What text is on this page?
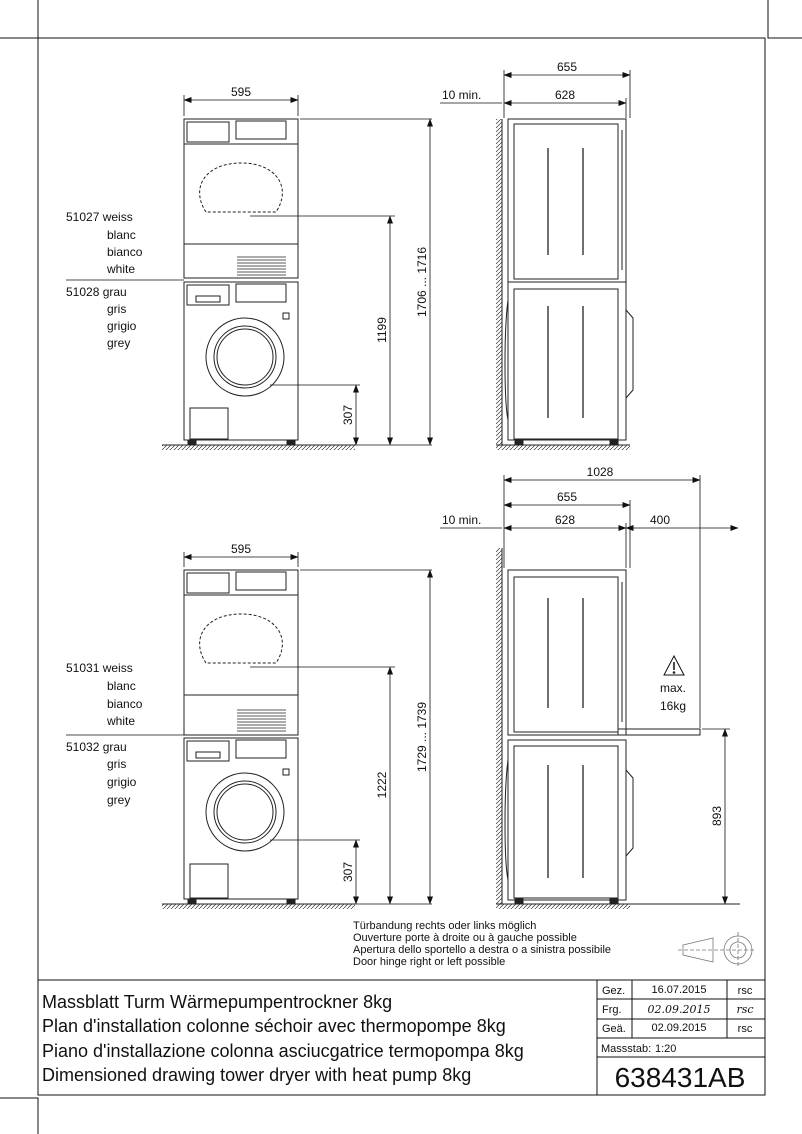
595
1706 ... 1716
1199
307
51027 weiss
blanc
bianco
white
51028 grau
gris
grigio
grey
655
628
10 min.
595
1729 ... 1739
1222
307
51031 weiss
blanc
bianco
white
51032 grau
gris
grigio
grey
1028
655
628	400
10 min.
893
max.
16kg
Türbandung rechts oder links möglich
Ouverture porte à droite ou à gauche possible
Apertura dello sportello a destra o a sinistra possibile
Door hinge right or left possible
Massblatt Turm Wärmepumpentrockner 8kg
Plan d'installation colonne séchoir avec thermopompe 8kg
Piano d'installazione colonna asciucgatrice termopompa 8kg
Dimensioned drawing tower dryer with heat pump 8kg
Gez. 16.07.2015	rsc
Frg. 02.09.2015 rsc
Geä. 02.09.2015	rsc
Massstab: 1:20
638431AB
